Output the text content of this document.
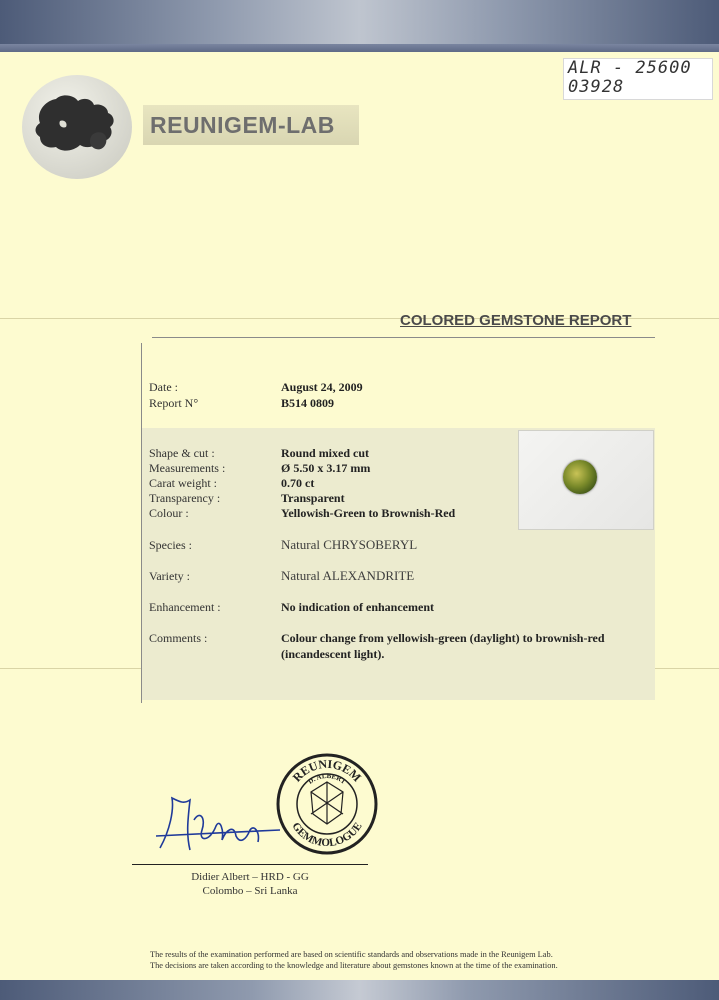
ALR - 25600
03928
REUNIGEM-LAB
COLORED GEMSTONE REPORT
Date :	August 24, 2009
Report N°	B514 0809
Shape & cut :	Round mixed cut
Measurements :	Ø 5.50 x 3.17 mm
Carat weight :	0.70 ct
Transparency :	Transparent
Colour :	Yellowish-Green to Brownish-Red
Species :	Natural CHRYSOBERYL
Variety :	Natural ALEXANDRITE
Enhancement :	No indication of enhancement
Comments :	Colour change from yellowish-green (daylight) to brownish-red
(incandescent light).
REUNIGEM
D. ALBERT
GEMMOLOGUE
Didier Albert – HRD - GG
Colombo – Sri Lanka
The results of the examination performed are based on scientific standards and observations made in the Reunigem Lab.
The decisions are taken according to the knowledge and literature about gemstones known at the time of the examination.
